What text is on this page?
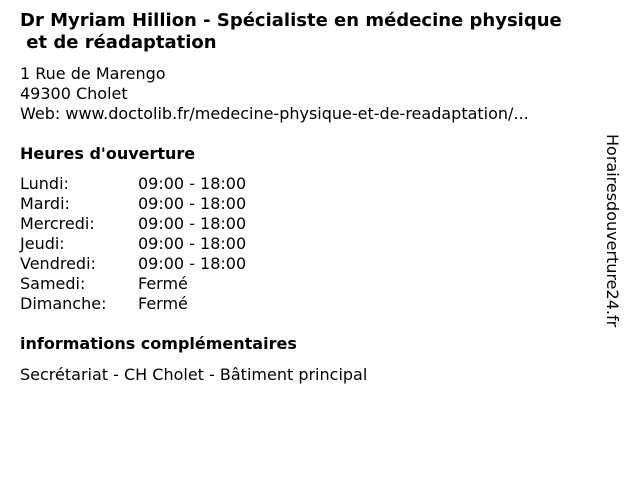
Dr Myriam Hillion - Spécialiste en médecine physique
et de réadaptation
1 Rue de Marengo
49300 Cholet
Web: www.doctolib.fr/medecine-physique-et-de-readaptation/...
Heures d'ouverture
Lundi:	09:00 - 18:00
Mardi:	09:00 - 18:00
Mercredi:	09:00 - 18:00
Jeudi:	09:00 - 18:00
Vendredi:	09:00 - 18:00
Samedi:	Fermé
Dimanche: Fermé
informations complémentaires
Secrétariat - CH Cholet - Bâtiment principal
Horairesdouverture24.fr
